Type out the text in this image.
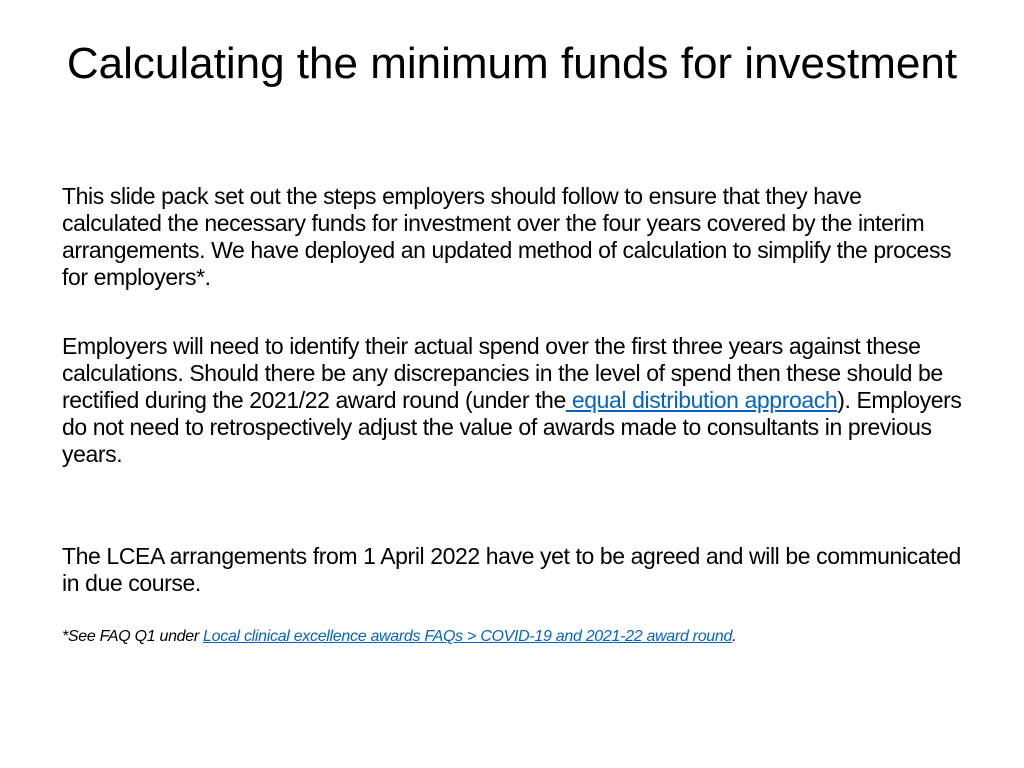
Calculating the minimum funds for investment

This slide pack set out the steps employers should follow to ensure that they have calculated the necessary funds for investment over the four years covered by the interim arrangements. We have deployed an updated method of calculation to simplify the process for employers*.

Employers will need to identify their actual spend over the first three years against these calculations. Should there be any discrepancies in the level of spend then these should be rectified during the 2021/22 award round (under the equal distribution approach). Employers do not need to retrospectively adjust the value of awards made to consultants in previous years.

The LCEA arrangements from 1 April 2022 have yet to be agreed and will be communicated in due course.

*See FAQ Q1 under Local clinical excellence awards FAQs > COVID-19 and 2021-22 award round.
